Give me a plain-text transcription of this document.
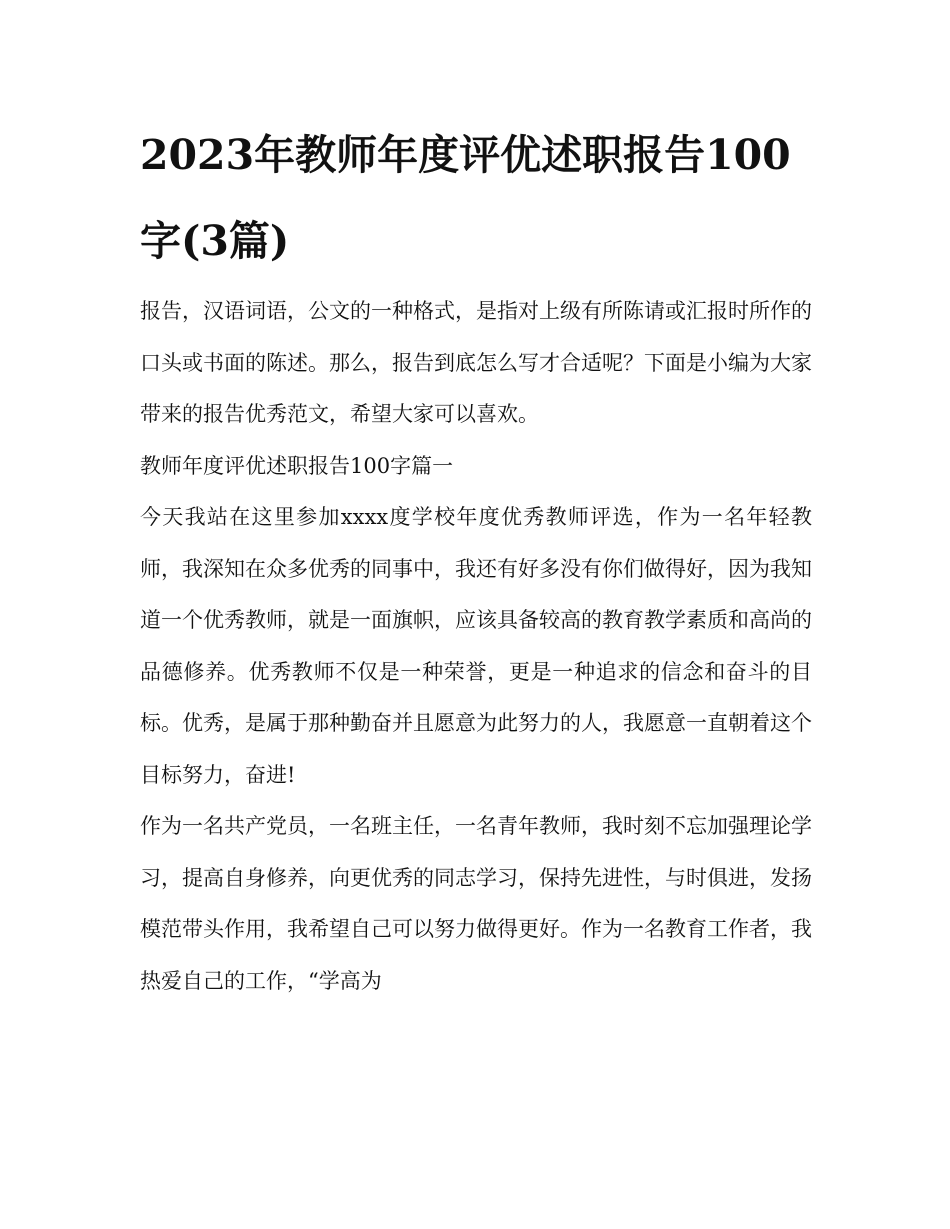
2023年教师年度评优述职报告100字(3篇)

报告，汉语词语，公文的一种格式，是指对上级有所陈请或汇报时所作的口头或书面的陈述。那么，报告到底怎么写才合适呢？下面是小编为大家带来的报告优秀范文，希望大家可以喜欢。

教师年度评优述职报告100字篇一

今天我站在这里参加xxxx度学校年度优秀教师评选，作为一名年轻教师，我深知在众多优秀的同事中，我还有好多没有你们做得好，因为我知道一个优秀教师，就是一面旗帜，应该具备较高的教育教学素质和高尚的品德修养。优秀教师不仅是一种荣誉，更是一种追求的信念和奋斗的目标。优秀，是属于那种勤奋并且愿意为此努力的人，我愿意一直朝着这个目标努力，奋进!

作为一名共产党员，一名班主任，一名青年教师，我时刻不忘加强理论学习，提高自身修养，向更优秀的同志学习，保持先进性，与时俱进，发扬模范带头作用，我希望自己可以努力做得更好。作为一名教育工作者，我热爱自己的工作，“学高为
